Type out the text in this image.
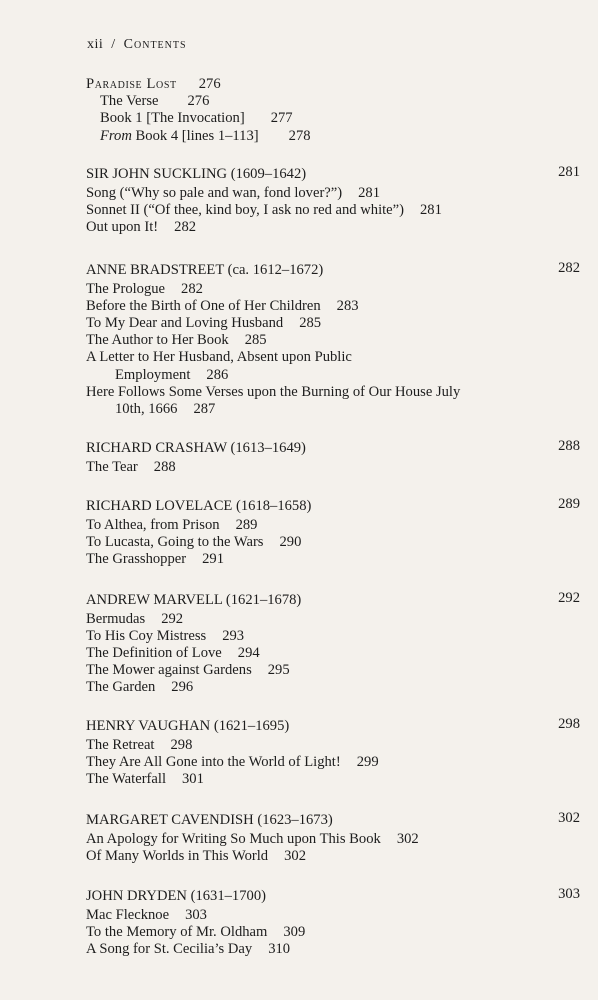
xii / Contents
Paradise Lost 276
The Verse 276
Book 1 [The Invocation] 277
From Book 4 [lines 1–113] 278
SIR JOHN SUCKLING (1609–1642)	281
Song (“Why so pale and wan, fond lover?”) 281
Sonnet II (“Of thee, kind boy, I ask no red and white”) 281
Out upon It! 282
ANNE BRADSTREET (ca. 1612–1672)	282
The Prologue 282
Before the Birth of One of Her Children 283
To My Dear and Loving Husband 285
The Author to Her Book 285
A Letter to Her Husband, Absent upon Public
Employment 286
Here Follows Some Verses upon the Burning of Our House July
10th, 1666 287
RICHARD CRASHAW (1613–1649)	288
The Tear 288
RICHARD LOVELACE (1618–1658)	289
To Althea, from Prison 289
To Lucasta, Going to the Wars 290
The Grasshopper 291
ANDREW MARVELL (1621–1678)	292
Bermudas 292
To His Coy Mistress 293
The Definition of Love 294
The Mower against Gardens 295
The Garden 296
HENRY VAUGHAN (1621–1695)	298
The Retreat 298
They Are All Gone into the World of Light! 299
The Waterfall 301
MARGARET CAVENDISH (1623–1673)	302
An Apology for Writing So Much upon This Book 302
Of Many Worlds in This World 302
JOHN DRYDEN (1631–1700)	303
Mac Flecknoe 303
To the Memory of Mr. Oldham 309
A Song for St. Cecilia’s Day 310
